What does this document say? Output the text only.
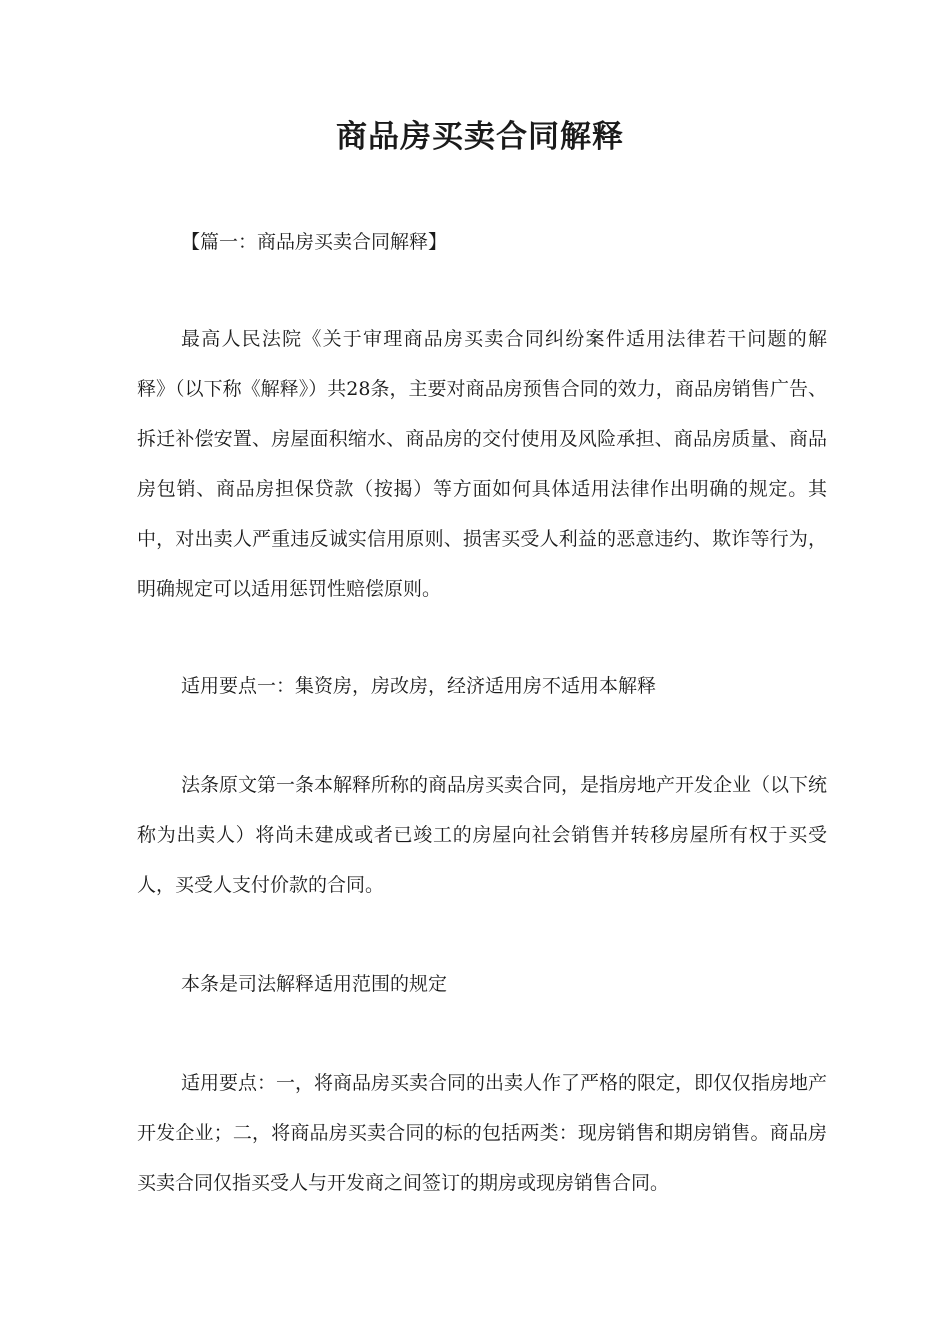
商品房买卖合同解释

【篇一：商品房买卖合同解释】

最高人民法院《关于审理商品房买卖合同纠纷案件适用法律若干问题的解释》（以下称《解释》）共28条，主要对商品房预售合同的效力，商品房销售广告、拆迁补偿安置、房屋面积缩水、商品房的交付使用及风险承担、商品房质量、商品房包销、商品房担保贷款（按揭）等方面如何具体适用法律作出明确的规定。其中，对出卖人严重违反诚实信用原则、损害买受人利益的恶意违约、欺诈等行为，明确规定可以适用惩罚性赔偿原则。

适用要点一：集资房，房改房，经济适用房不适用本解释

法条原文第一条本解释所称的商品房买卖合同，是指房地产开发企业（以下统称为出卖人）将尚未建成或者已竣工的房屋向社会销售并转移房屋所有权于买受人，买受人支付价款的合同。

本条是司法解释适用范围的规定

适用要点：一，将商品房买卖合同的出卖人作了严格的限定，即仅仅指房地产开发企业；二，将商品房买卖合同的标的包括两类：现房销售和期房销售。商品房买卖合同仅指买受人与开发商之间签订的期房或现房销售合同。
